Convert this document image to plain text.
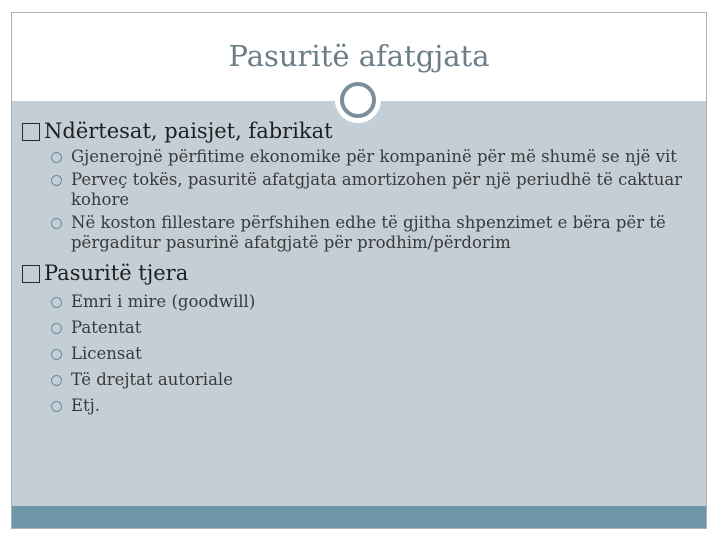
Pasuritë afatgjata
Ndërtesat, paisjet, fabrikat
Gjenerojnë përfitime ekonomike për kompaninë për më shumë se një vit
Perveç tokës, pasuritë afatgjata amortizohen për një periudhë të caktuar kohore
Në koston fillestare përfshihen edhe të gjitha shpenzimet e bëra për të përgaditur pasurinë afatgjatë për prodhim/përdorim
Pasuritë tjera
Emri i mire (goodwill)
Patentat
Licensat
Të drejtat autoriale
Etj.
